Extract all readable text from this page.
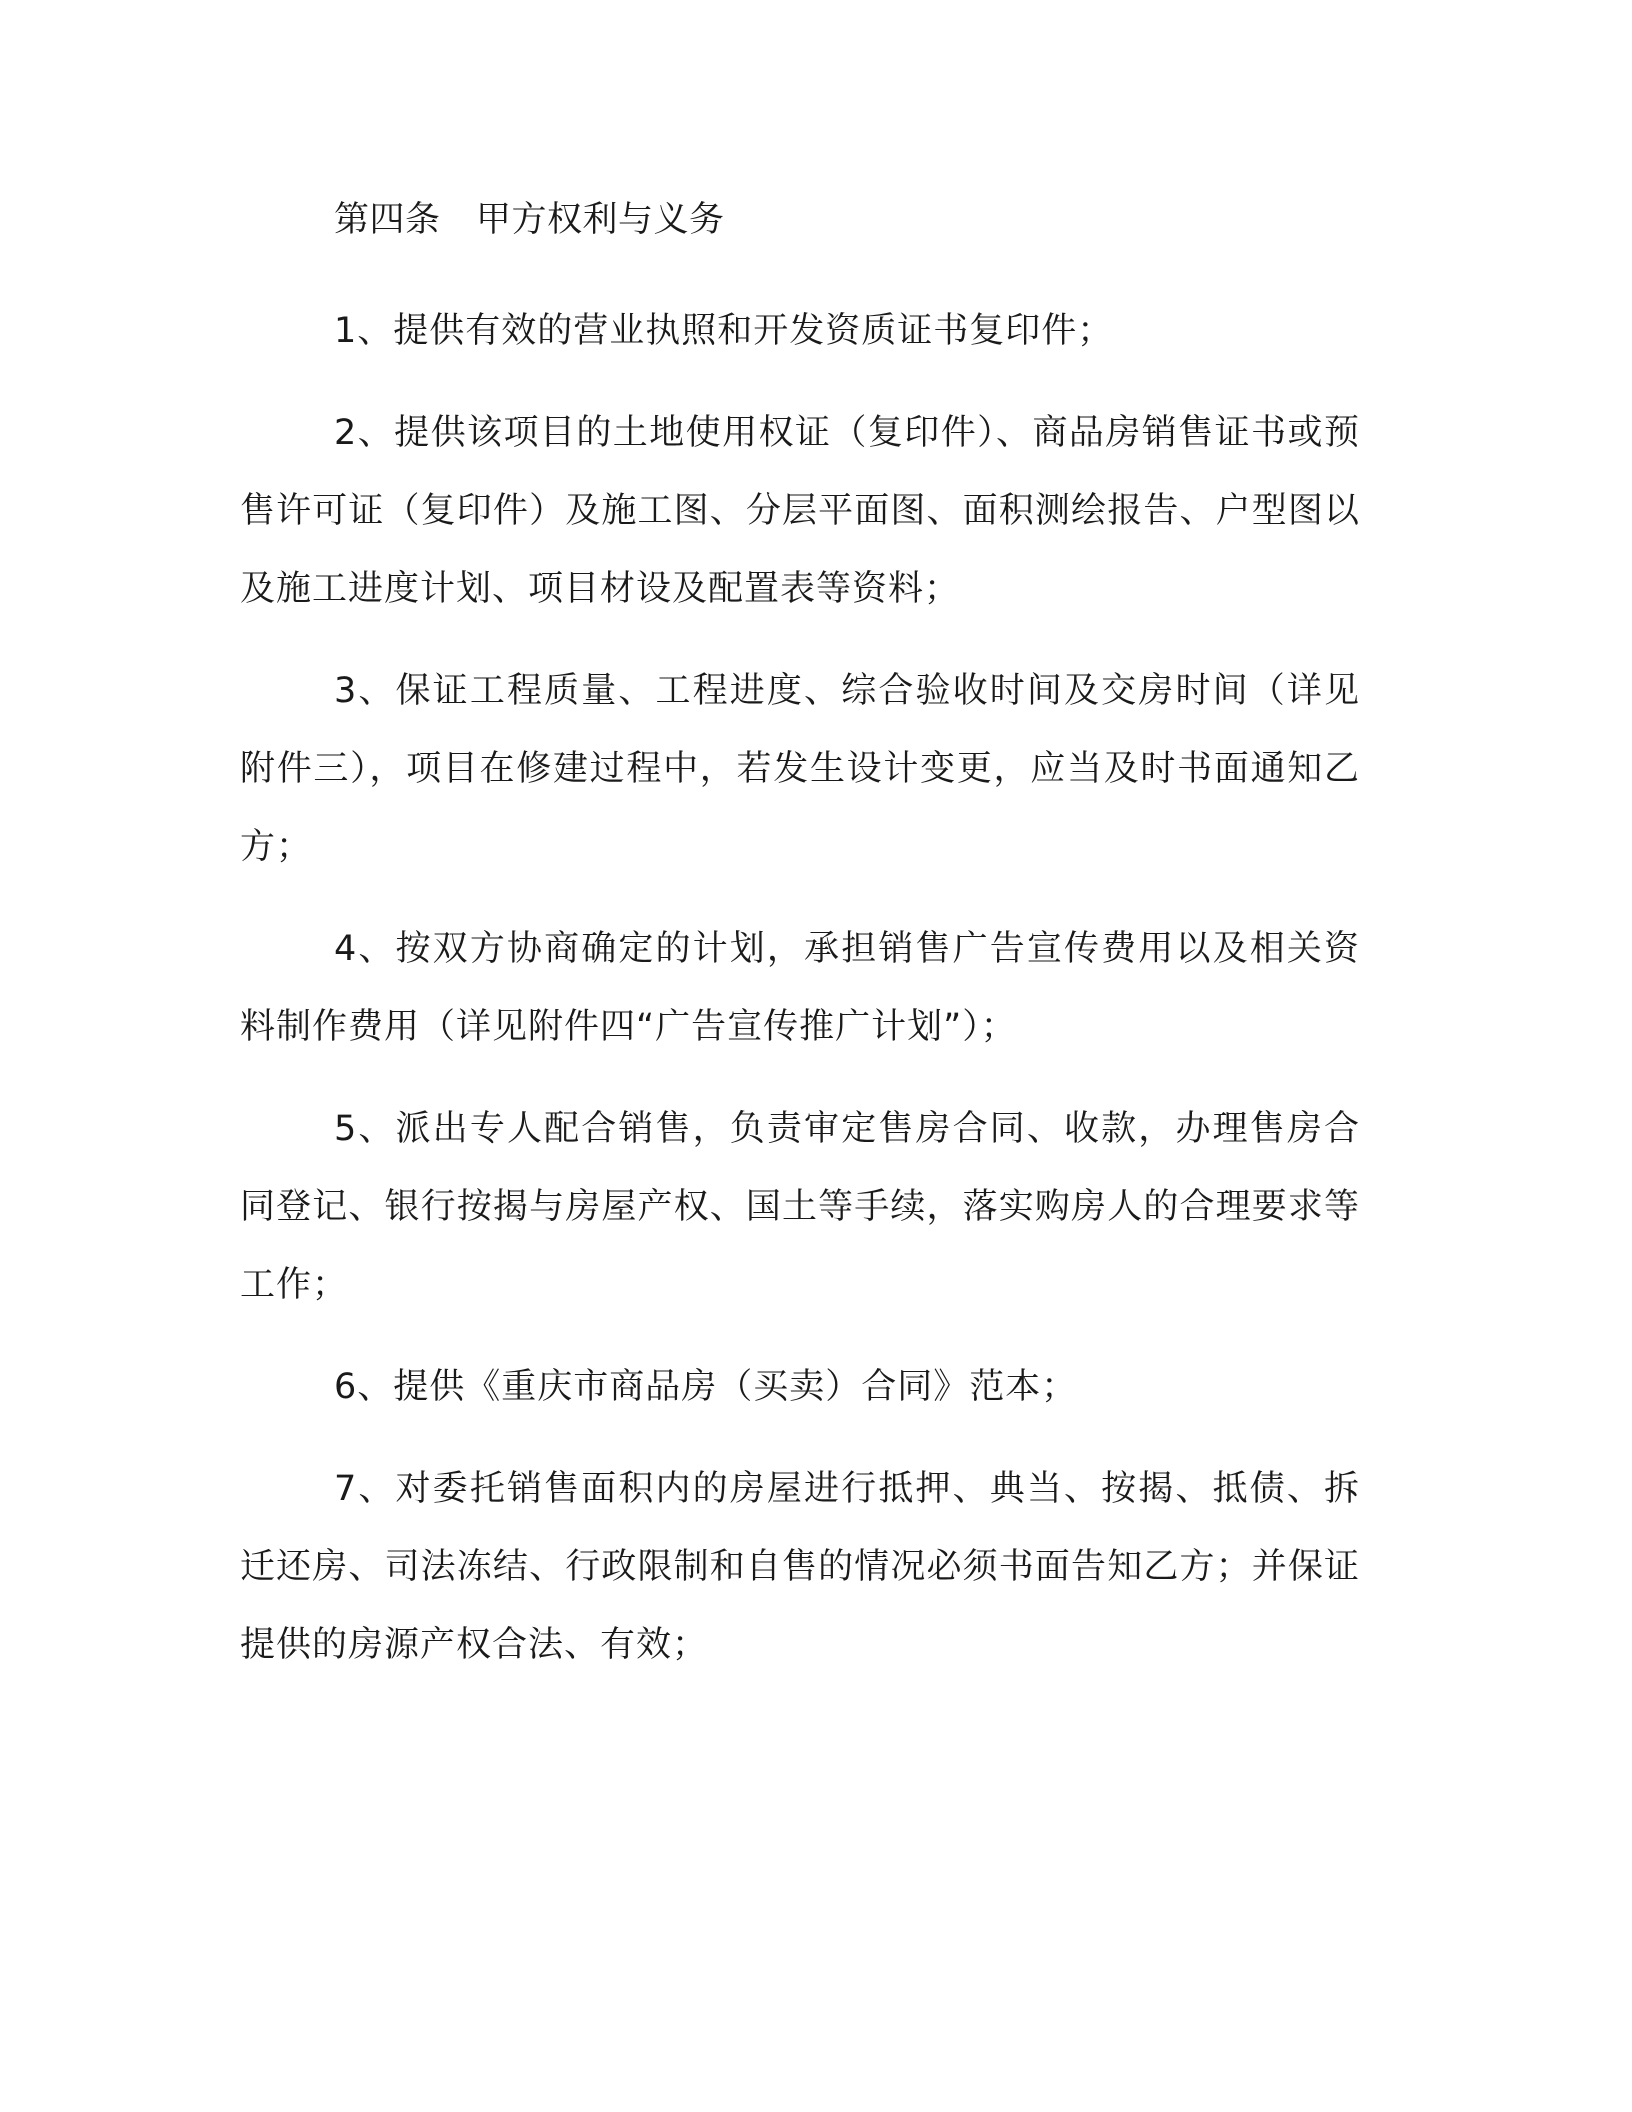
第四条　甲方权利与义务

1、提供有效的营业执照和开发资质证书复印件；

2、提供该项目的土地使用权证（复印件）、商品房销售证书或预售许可证（复印件）及施工图、分层平面图、面积测绘报告、户型图以及施工进度计划、项目材设及配置表等资料；

3、保证工程质量、工程进度、综合验收时间及交房时间（详见附件三），项目在修建过程中，若发生设计变更，应当及时书面通知乙方；

4、按双方协商确定的计划，承担销售广告宣传费用以及相关资料制作费用（详见附件四“广告宣传推广计划”）；

5、派出专人配合销售，负责审定售房合同、收款，办理售房合同登记、银行按揭与房屋产权、国土等手续，落实购房人的合理要求等工作；

6、提供《重庆市商品房（买卖）合同》范本；

7、对委托销售面积内的房屋进行抵押、典当、按揭、抵债、拆迁还房、司法冻结、行政限制和自售的情况必须书面告知乙方；并保证提供的房源产权合法、有效；
